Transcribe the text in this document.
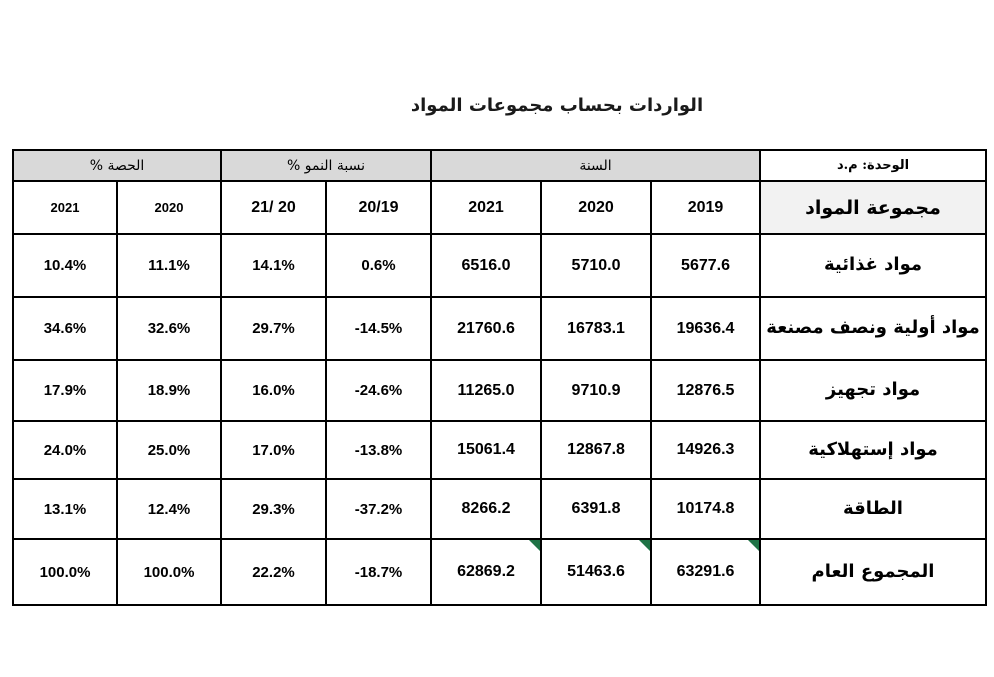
الواردات بحساب مجموعات المواد
الوحدة: م.د	السنة			نسبة النمو %		الحصة %	
مجموعة المواد	2019	2020	2021	20/19	21/ 20	2020	2021
مواد غذائية	5677.6	5710.0	6516.0	0.6%	14.1%	11.1%	10.4%
مواد أولية ونصف مصنعة	19636.4	16783.1	21760.6	-14.5%	29.7%	32.6%	34.6%
مواد تجهيز	12876.5	9710.9	11265.0	-24.6%	16.0%	18.9%	17.9%
مواد إستهلاكية	14926.3	12867.8	15061.4	-13.8%	17.0%	25.0%	24.0%
الطاقة	10174.8	6391.8	8266.2	-37.2%	29.3%	12.4%	13.1%
المجموع العام	63291.6	51463.6	62869.2	-18.7%	22.2%	100.0%	100.0%
